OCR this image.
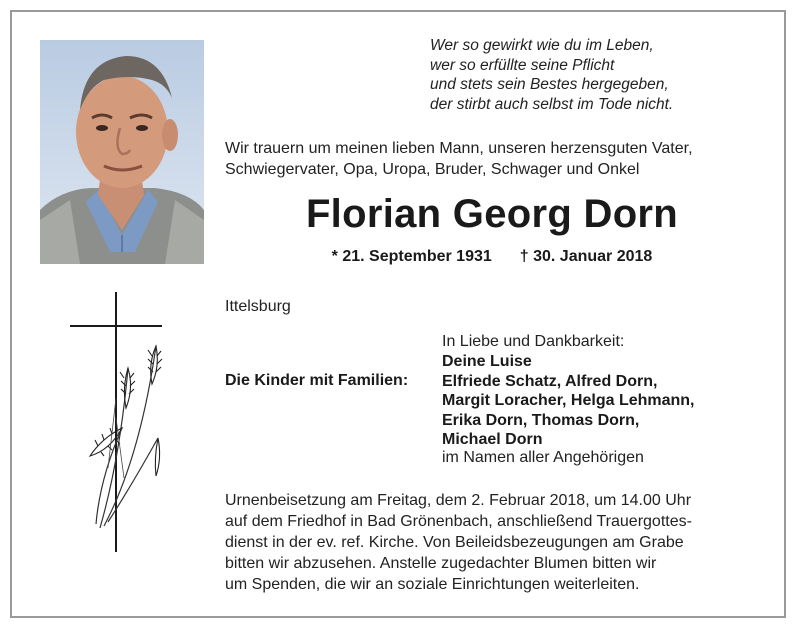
Wer so gewirkt wie du im Leben,
wer so erfüllte seine Pflicht
und stets sein Bestes hergegeben,
der stirbt auch selbst im Tode nicht.
Wir trauern um meinen lieben Mann, unseren herzensguten Vater,
Schwiegervater, Opa, Uropa, Bruder, Schwager und Onkel
Florian Georg Dorn
* 21. September 1931 † 30. Januar 2018
Ittelsburg
In Liebe und Dankbarkeit:
Deine Luise
Elfriede Schatz, Alfred Dorn,
Margit Loracher, Helga Lehmann,
Erika Dorn, Thomas Dorn,
Michael Dorn
Die Kinder mit Familien:
im Namen aller Angehörigen
Urnenbeisetzung am Freitag, dem 2. Februar 2018, um 14.00 Uhr
auf dem Friedhof in Bad Grönenbach, anschließend Trauergottes-
dienst in der ev. ref. Kirche. Von Beileidsbezeugungen am Grabe
bitten wir abzusehen. Anstelle zugedachter Blumen bitten wir
um Spenden, die wir an soziale Einrichtungen weiterleiten.
